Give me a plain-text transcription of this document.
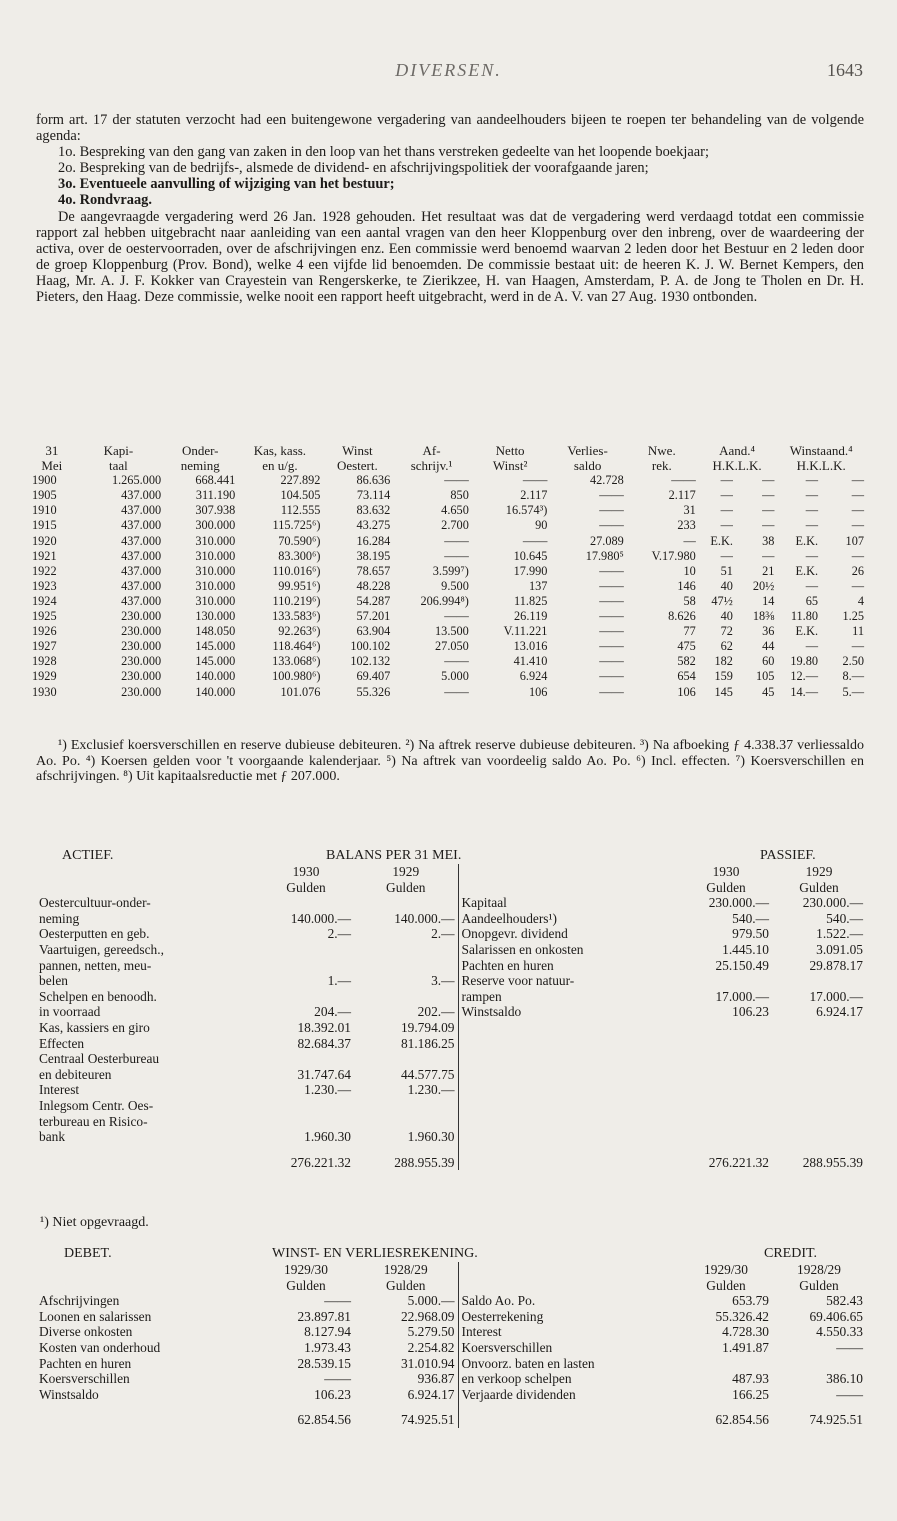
DIVERSEN.	1643

form art. 17 der statuten verzocht had een buitengewone vergadering van aandeelhouders bijeen te roepen ter behandeling van de volgende agenda:

1o. Bespreking van den gang van zaken in den loop van het thans verstreken gedeelte van het loopende boekjaar;

2o. Bespreking van de bedrijfs-, alsmede de dividend- en afschrijvingspolitiek der voorafgaande jaren;

3o. Eventueele aanvulling of wijziging van het bestuur;

4o. Rondvraag.

De aangevraagde vergadering werd 26 Jan. 1928 gehouden. Het resultaat was dat de vergadering werd verdaagd totdat een commissie rapport zal hebben uitgebracht naar aanleiding van een aantal vragen van den heer Kloppenburg over den inbreng, over de waardeering der activa, over de oestervoorraden, over de afschrijvingen enz. Een commissie werd benoemd waarvan 2 leden door het Bestuur en 2 leden door de groep Kloppenburg (Prov. Bond), welke 4 een vijfde lid benoemden. De commissie bestaat uit: de heeren K. J. W. Bernet Kempers, den Haag, Mr. A. J. F. Kokker van Crayestein van Rengerskerke, te Zierikzee, H. van Haagen, Amsterdam, P. A. de Jong te Tholen en Dr. H. Pieters, den Haag. Deze commissie, welke nooit een rapport heeft uitgebracht, werd in de A. V. van 27 Aug. 1930 ontbonden.

31	Kapi-	Onder-	Kas, kass.	Winst	Af-	Netto	Verlies-	Nwe.	Aand.⁴		Winstaand.⁴	
Mei	taal	neming	en u/g.	Oestert.	schrijv.¹	Winst²	saldo	rek.	H.K.L.K.		H.K.L.K.	
1900	1.265.000	668.441	227.892	86.636	——	——	42.728	——	—	—	—	—
1905	437.000	311.190	104.505	73.114	850	2.117	——	2.117	—	—	—	—
1910	437.000	307.938	112.555	83.632	4.650	16.574³)	——	31	—	—	—	—
1915	437.000	300.000	115.725⁶)	43.275	2.700	90	——	233	—	—	—	—
1920	437.000	310.000	70.590⁶)	16.284	——	——	27.089	—	E.K.	38	E.K.	107
1921	437.000	310.000	83.300⁶)	38.195	——	10.645	17.980⁵	V.17.980	—	—	—	—
1922	437.000	310.000	110.016⁶)	78.657	3.599⁷)	17.990	——	10	51	21	E.K.	26
1923	437.000	310.000	99.951⁶)	48.228	9.500	137	——	146	40	20½	—	—
1924	437.000	310.000	110.219⁶)	54.287	206.994⁸)	11.825	——	58	47½	14	65	4
1925	230.000	130.000	133.583⁶)	57.201	——	26.119	——	8.626	40	18⅜	11.80	1.25
1926	230.000	148.050	92.263⁶)	63.904	13.500	V.11.221	——	77	72	36	E.K.	11
1927	230.000	145.000	118.464⁶)	100.102	27.050	13.016	——	475	62	44	—	—
1928	230.000	145.000	133.068⁶)	102.132	——	41.410	——	582	182	60	19.80	2.50
1929	230.000	140.000	100.980⁶)	69.407	5.000	6.924	——	654	159	105	12.—	8.—
1930	230.000	140.000	101.076	55.326	——	106	——	106	145	45	14.—	5.—

¹) Exclusief koersverschillen en reserve dubieuse debiteuren. ²) Na aftrek reserve dubieuse debiteuren. ³) Na afboeking ƒ 4.338.37 verliessaldo Ao. Po. ⁴) Koersen gelden voor 't voorgaande kalenderjaar. ⁵) Na aftrek van voordeelig saldo Ao. Po. ⁶) Incl. effecten. ⁷) Koersverschillen en afschrijvingen. ⁸) Uit kapitaalsreductie met ƒ 207.000.

ACTIEF.	BALANS PER 31 MEI.	PASSIEF.
	1930	1929		1930	1929
	Gulden	Gulden		Gulden	Gulden
Oestercultuur-onder-			Kapitaal	230.000.—	230.000.—
neming	140.000.—	140.000.—	Aandeelhouders¹)	540.—	540.—
Oesterputten en geb.	2.—	2.—	Onopgevr. dividend	979.50	1.522.—
Vaartuigen, gereedsch.,			Salarissen en onkosten	1.445.10	3.091.05
pannen, netten, meu-			Pachten en huren	25.150.49	29.878.17
belen	1.—	3.—	Reserve voor natuur-		
Schelpen en benoodh.			rampen	17.000.—	17.000.—
in voorraad	204.—	202.—	Winstsaldo	106.23	6.924.17
Kas, kassiers en giro	18.392.01	19.794.09			
Effecten	82.684.37	81.186.25			
Centraal Oesterbureau					
en debiteuren	31.747.64	44.577.75			
Interest	1.230.—	1.230.—			
Inlegsom Centr. Oes-					
terbureau en Risico-					
bank	1.960.30	1.960.30			
	276.221.32	288.955.39		276.221.32	288.955.39
¹) Niet opgevraagd.
DEBET.	WINST- EN VERLIESREKENING.	CREDIT.
	1929/30	1928/29		1929/30	1928/29
	Gulden	Gulden		Gulden	Gulden
Afschrijvingen	——	5.000.—	Saldo Ao. Po.	653.79	582.43
Loonen en salarissen	23.897.81	22.968.09	Oesterrekening	55.326.42	69.406.65
Diverse onkosten	8.127.94	5.279.50	Interest	4.728.30	4.550.33
Kosten van onderhoud	1.973.43	2.254.82	Koersverschillen	1.491.87	——
Pachten en huren	28.539.15	31.010.94	Onvoorz. baten en lasten		
Koersverschillen	——	936.87	en verkoop schelpen	487.93	386.10
Winstsaldo	106.23	6.924.17	Verjaarde dividenden	166.25	——
	62.854.56	74.925.51		62.854.56	74.925.51
